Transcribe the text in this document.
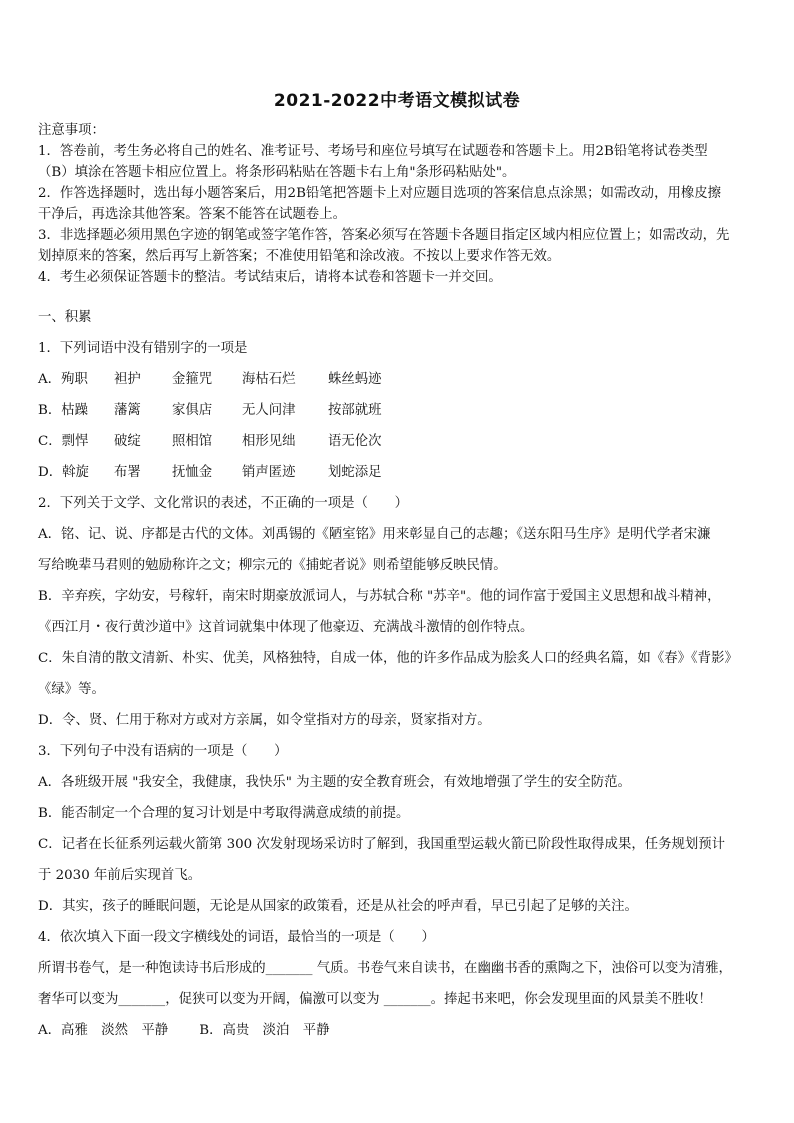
2021-2022中考语文模拟试卷
注意事项：
1．答卷前，考生务必将自己的姓名、准考证号、考场号和座位号填写在试题卷和答题卡上。用2B铅笔将试卷类型
（B）填涂在答题卡相应位置上。将条形码粘贴在答题卡右上角"条形码粘贴处"。
2．作答选择题时，选出每小题答案后，用2B铅笔把答题卡上对应题目选项的答案信息点涂黑；如需改动，用橡皮擦
干净后，再选涂其他答案。答案不能答在试题卷上。
3．非选择题必须用黑色字迹的钢笔或签字笔作答，答案必须写在答题卡各题目指定区域内相应位置上；如需改动，先
划掉原来的答案，然后再写上新答案；不准使用铅笔和涂改液。不按以上要求作答无效。
4．考生必须保证答题卡的整洁。考试结束后，请将本试卷和答题卡一并交回。
一、积累
1．下列词语中没有错别字的一项是
A．殉职	袒护	金箍咒	海枯石烂	蛛丝蚂迹
B．枯躁	藩篱	家俱店	无人问津	按部就班
C．剽悍	破绽	照相馆	相形见绌	语无伦次
D．斡旋	布署	抚恤金	销声匿迹	划蛇添足
2．下列关于文学、文化常识的表述，不正确的一项是（　　）
A．铭、记、说、序都是古代的文体。刘禹锡的《陋室铭》用来彰显自己的志趣；《送东阳马生序》是明代学者宋濂
写给晚辈马君则的勉励称许之文；柳宗元的《捕蛇者说》则希望能够反映民情。
B．辛弃疾，字幼安，号稼轩，南宋时期豪放派词人，与苏轼合称 "苏辛"。他的词作富于爱国主义思想和战斗精神，
《西江月・夜行黄沙道中》这首词就集中体现了他豪迈、充满战斗激情的创作特点。
C．朱自清的散文清新、朴实、优美，风格独特，自成一体，他的许多作品成为脍炙人口的经典名篇，如《春》《背影》
《绿》等。
D．令、贤、仁用于称对方或对方亲属，如令堂指对方的母亲，贤家指对方。
3．下列句子中没有语病的一项是（　　）
A．各班级开展 "我安全，我健康，我快乐" 为主题的安全教育班会，有效地增强了学生的安全防范。
B．能否制定一个合理的复习计划是中考取得满意成绩的前提。
C．记者在长征系列运载火箭第 300 次发射现场采访时了解到，我国重型运载火箭已阶段性取得成果，任务规划预计
于 2030 年前后实现首飞。
D．其实，孩子的睡眠问题，无论是从国家的政策看，还是从社会的呼声看，早已引起了足够的关注。
4．依次填入下面一段文字横线处的词语，最恰当的一项是（　　）
所谓书卷气，是一种饱读诗书后形成的_______ 气质。书卷气来自读书，在幽幽书香的熏陶之下，浊俗可以变为清雅，
奢华可以变为_______，促狭可以变为开阔，偏激可以变为 _______。捧起书来吧，你会发现里面的风景美不胜收！
A．高雅　淡然　平静　　 B．高贵　淡泊　平静
